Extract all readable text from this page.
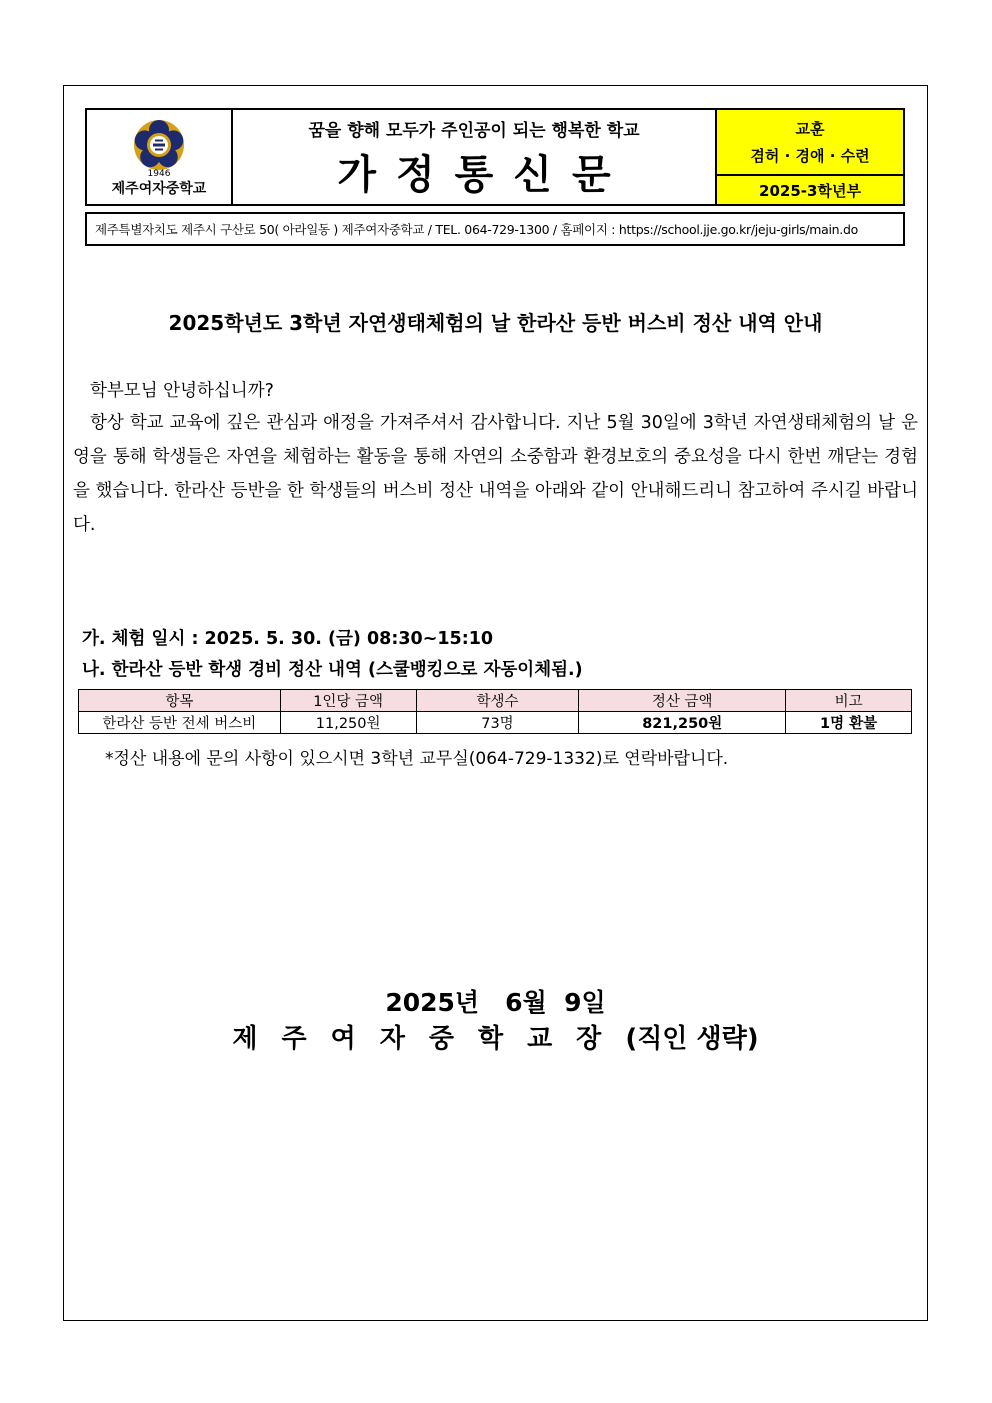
1946
제주여자중학교
꿈을 향해 모두가 주인공이 되는 행복한 학교
가정통신문
교훈
겸허 · 경애 · 수련
2025-3학년부
제주특별자치도 제주시 구산로 50( 아라일동 ) 제주여자중학교 / TEL. 064-729-1300 / 홈페이지 : https://school.jje.go.kr/jeju-girls/main.do
2025학년도 3학년 자연생태체험의 날 한라산 등반 버스비 정산 내역 안내
학부모님 안녕하십니까?
항상 학교 교육에 깊은 관심과 애정을 가져주셔서 감사합니다. 지난 5월 30일에 3학년 자연생태체험의 날 운영을 통해 학생들은 자연을 체험하는 활동을 통해 자연의 소중함과 환경보호의 중요성을 다시 한번 깨닫는 경험을 했습니다. 한라산 등반을 한 학생들의 버스비 정산 내역을 아래와 같이 안내해드리니 참고하여 주시길 바랍니다.
가. 체험 일시 : 2025. 5. 30. (금) 08:30~15:10
나. 한라산 등반 학생 경비 정산 내역 (스쿨뱅킹으로 자동이체됨.)
항목	1인당 금액	학생수	정산 금액	비고
한라산 등반 전세 버스비	11,250원	73명	821,250원	1명 환불
*정산 내용에 문의 사항이 있으시면 3학년 교무실(064-729-1332)로 연락바랍니다.
2025년   6월  9일
제주여자중학교장(직인 생략)
